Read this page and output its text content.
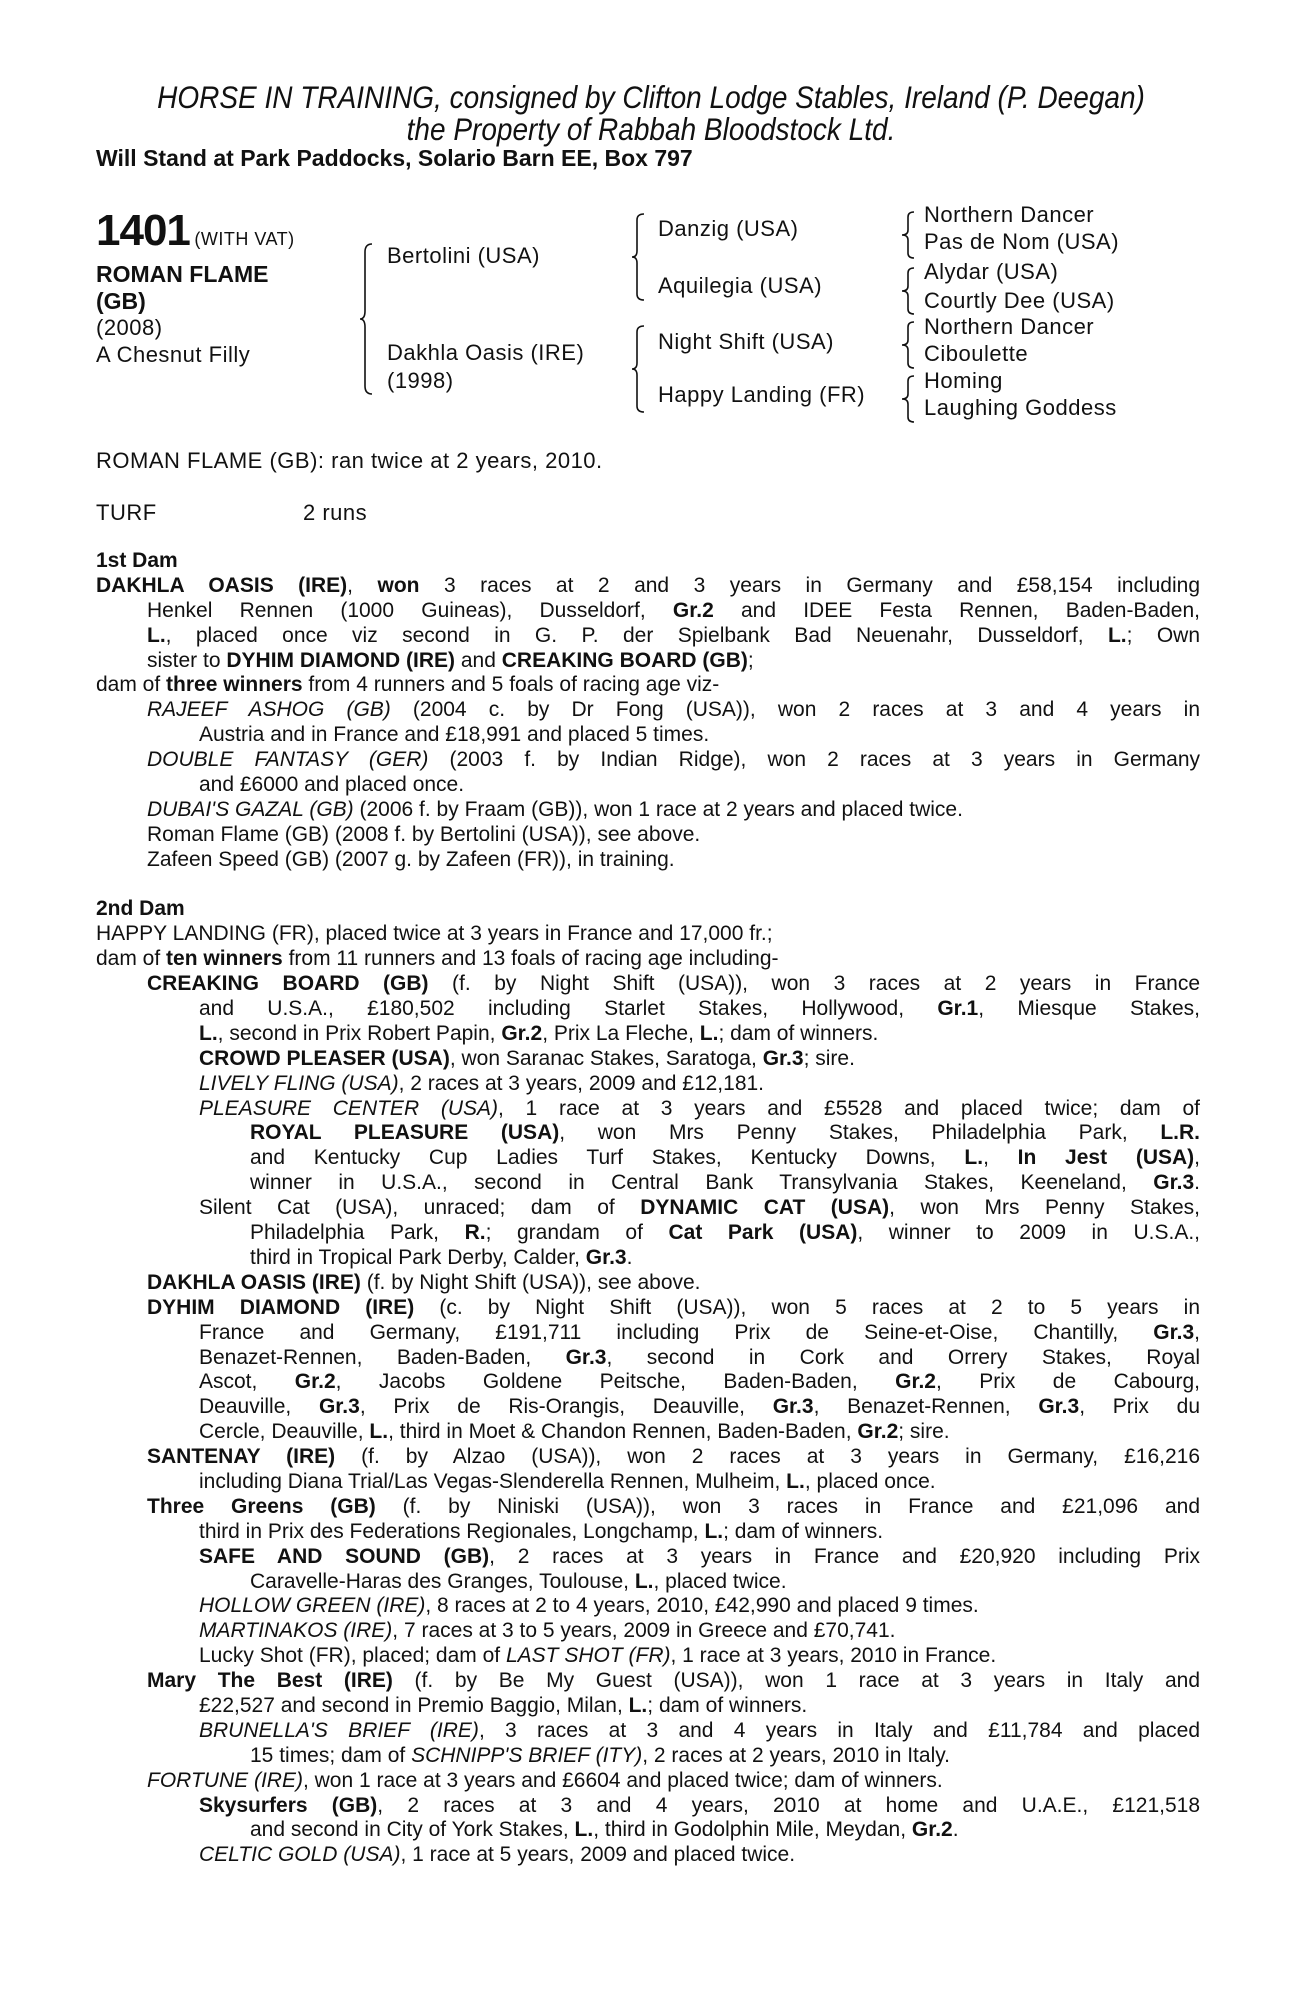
HORSE IN TRAINING, consigned by Clifton Lodge Stables, Ireland (P. Deegan)
the Property of Rabbah Bloodstock Ltd.
Will Stand at Park Paddocks, Solario Barn EE, Box 797
1401 (WITH VAT)
ROMAN FLAME
(GB)
(2008)
A Chesnut Filly
Bertolini (USA)
Dakhla Oasis (IRE)
(1998)
Danzig (USA)
Aquilegia (USA)
Night Shift (USA)
Happy Landing (FR)
Northern Dancer
Pas de Nom (USA)
Alydar (USA)
Courtly Dee (USA)
Northern Dancer
Ciboulette
Homing
Laughing Goddess
ROMAN FLAME (GB): ran twice at 2 years, 2010.
TURF	2 runs
1st Dam
DAKHLA OASIS (IRE), won 3 races at 2 and 3 years in Germany and £58,154 including
Henkel Rennen (1000 Guineas), Dusseldorf, Gr.2 and IDEE Festa Rennen, Baden-Baden,
L., placed once viz second in G. P. der Spielbank Bad Neuenahr, Dusseldorf, L.; Own
sister to DYHIM DIAMOND (IRE) and CREAKING BOARD (GB);
dam of three winners from 4 runners and 5 foals of racing age viz-
RAJEEF ASHOG (GB) (2004 c. by Dr Fong (USA)), won 2 races at 3 and 4 years in
Austria and in France and £18,991 and placed 5 times.
DOUBLE FANTASY (GER) (2003 f. by Indian Ridge), won 2 races at 3 years in Germany
and £6000 and placed once.
DUBAI'S GAZAL (GB) (2006 f. by Fraam (GB)), won 1 race at 2 years and placed twice.
Roman Flame (GB) (2008 f. by Bertolini (USA)), see above.
Zafeen Speed (GB) (2007 g. by Zafeen (FR)), in training.
2nd Dam
HAPPY LANDING (FR), placed twice at 3 years in France and 17,000 fr.;
dam of ten winners from 11 runners and 13 foals of racing age including-
CREAKING BOARD (GB) (f. by Night Shift (USA)), won 3 races at 2 years in France
and U.S.A., £180,502 including Starlet Stakes, Hollywood, Gr.1, Miesque Stakes,
L., second in Prix Robert Papin, Gr.2, Prix La Fleche, L.; dam of winners.
CROWD PLEASER (USA), won Saranac Stakes, Saratoga, Gr.3; sire.
LIVELY FLING (USA), 2 races at 3 years, 2009 and £12,181.
PLEASURE CENTER (USA), 1 race at 3 years and £5528 and placed twice; dam of
ROYAL PLEASURE (USA), won Mrs Penny Stakes, Philadelphia Park, L.R.
and Kentucky Cup Ladies Turf Stakes, Kentucky Downs, L., In Jest (USA),
winner in U.S.A., second in Central Bank Transylvania Stakes, Keeneland, Gr.3.
Silent Cat (USA), unraced; dam of DYNAMIC CAT (USA), won Mrs Penny Stakes,
Philadelphia Park, R.; grandam of Cat Park (USA), winner to 2009 in U.S.A.,
third in Tropical Park Derby, Calder, Gr.3.
DAKHLA OASIS (IRE) (f. by Night Shift (USA)), see above.
DYHIM DIAMOND (IRE) (c. by Night Shift (USA)), won 5 races at 2 to 5 years in
France and Germany, £191,711 including Prix de Seine-et-Oise, Chantilly, Gr.3,
Benazet-Rennen, Baden-Baden, Gr.3, second in Cork and Orrery Stakes, Royal
Ascot, Gr.2, Jacobs Goldene Peitsche, Baden-Baden, Gr.2, Prix de Cabourg,
Deauville, Gr.3, Prix de Ris-Orangis, Deauville, Gr.3, Benazet-Rennen, Gr.3, Prix du
Cercle, Deauville, L., third in Moet & Chandon Rennen, Baden-Baden, Gr.2; sire.
SANTENAY (IRE) (f. by Alzao (USA)), won 2 races at 3 years in Germany, £16,216
including Diana Trial/Las Vegas-Slenderella Rennen, Mulheim, L., placed once.
Three Greens (GB) (f. by Niniski (USA)), won 3 races in France and £21,096 and
third in Prix des Federations Regionales, Longchamp, L.; dam of winners.
SAFE AND SOUND (GB), 2 races at 3 years in France and £20,920 including Prix
Caravelle-Haras des Granges, Toulouse, L., placed twice.
HOLLOW GREEN (IRE), 8 races at 2 to 4 years, 2010, £42,990 and placed 9 times.
MARTINAKOS (IRE), 7 races at 3 to 5 years, 2009 in Greece and £70,741.
Lucky Shot (FR), placed; dam of LAST SHOT (FR), 1 race at 3 years, 2010 in France.
Mary The Best (IRE) (f. by Be My Guest (USA)), won 1 race at 3 years in Italy and
£22,527 and second in Premio Baggio, Milan, L.; dam of winners.
BRUNELLA'S BRIEF (IRE), 3 races at 3 and 4 years in Italy and £11,784 and placed
15 times; dam of SCHNIPP'S BRIEF (ITY), 2 races at 2 years, 2010 in Italy.
FORTUNE (IRE), won 1 race at 3 years and £6604 and placed twice; dam of winners.
Skysurfers (GB), 2 races at 3 and 4 years, 2010 at home and U.A.E., £121,518
and second in City of York Stakes, L., third in Godolphin Mile, Meydan, Gr.2.
CELTIC GOLD (USA), 1 race at 5 years, 2009 and placed twice.
